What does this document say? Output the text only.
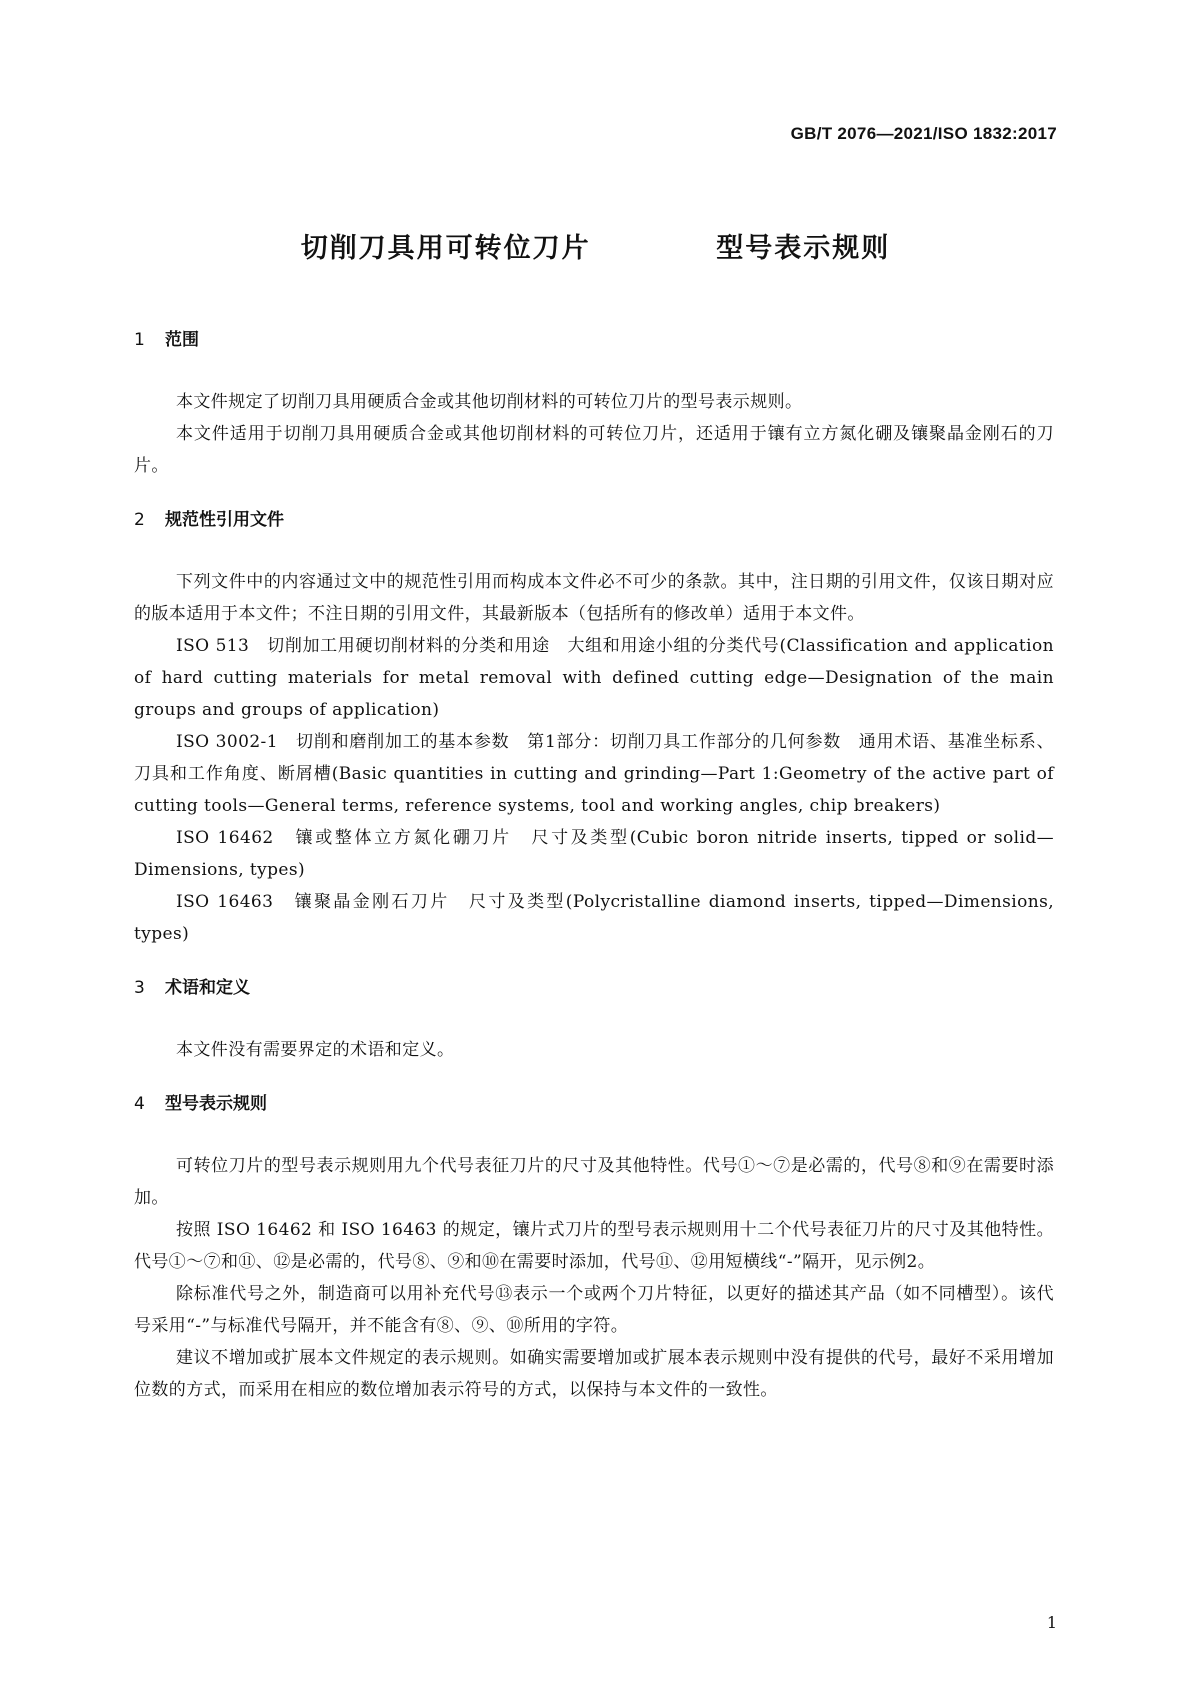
GB/T 2076—2021/ISO 1832:2017
切削刀具用可转位刀片    型号表示规则
1 范围

本文件规定了切削刀具用硬质合金或其他切削材料的可转位刀片的型号表示规则。

本文件适用于切削刀具用硬质合金或其他切削材料的可转位刀片，还适用于镶有立方氮化硼及镶聚晶金刚石的刀片。

2 规范性引用文件

下列文件中的内容通过文中的规范性引用而构成本文件必不可少的条款。其中，注日期的引用文件，仅该日期对应的版本适用于本文件；不注日期的引用文件，其最新版本（包括所有的修改单）适用于本文件。

ISO 513　切削加工用硬切削材料的分类和用途　大组和用途小组的分类代号(Classification and application of hard cutting materials for metal removal with defined cutting edge—Designation of the main groups and groups of application)

ISO 3002-1　切削和磨削加工的基本参数　第1部分：切削刀具工作部分的几何参数　通用术语、基准坐标系、刀具和工作角度、断屑槽(Basic quantities in cutting and grinding—Part 1:Geometry of the active part of cutting tools—General terms, reference systems, tool and working angles, chip breakers)

ISO 16462　镶或整体立方氮化硼刀片　尺寸及类型(Cubic boron nitride inserts, tipped or solid—Dimensions, types)

ISO 16463　镶聚晶金刚石刀片　尺寸及类型(Polycristalline diamond inserts, tipped—Dimensions, types)

3 术语和定义

本文件没有需要界定的术语和定义。

4 型号表示规则

可转位刀片的型号表示规则用九个代号表征刀片的尺寸及其他特性。代号①～⑦是必需的，代号⑧和⑨在需要时添加。

按照 ISO 16462 和 ISO 16463 的规定，镶片式刀片的型号表示规则用十二个代号表征刀片的尺寸及其他特性。代号①～⑦和⑪、⑫是必需的，代号⑧、⑨和⑩在需要时添加，代号⑪、⑫用短横线“-”隔开，见示例2。

除标准代号之外，制造商可以用补充代号⑬表示一个或两个刀片特征，以更好的描述其产品（如不同槽型）。该代号采用“-”与标准代号隔开，并不能含有⑧、⑨、⑩所用的字符。

建议不增加或扩展本文件规定的表示规则。如确实需要增加或扩展本表示规则中没有提供的代号，最好不采用增加位数的方式，而采用在相应的数位增加表示符号的方式，以保持与本文件的一致性。

1
